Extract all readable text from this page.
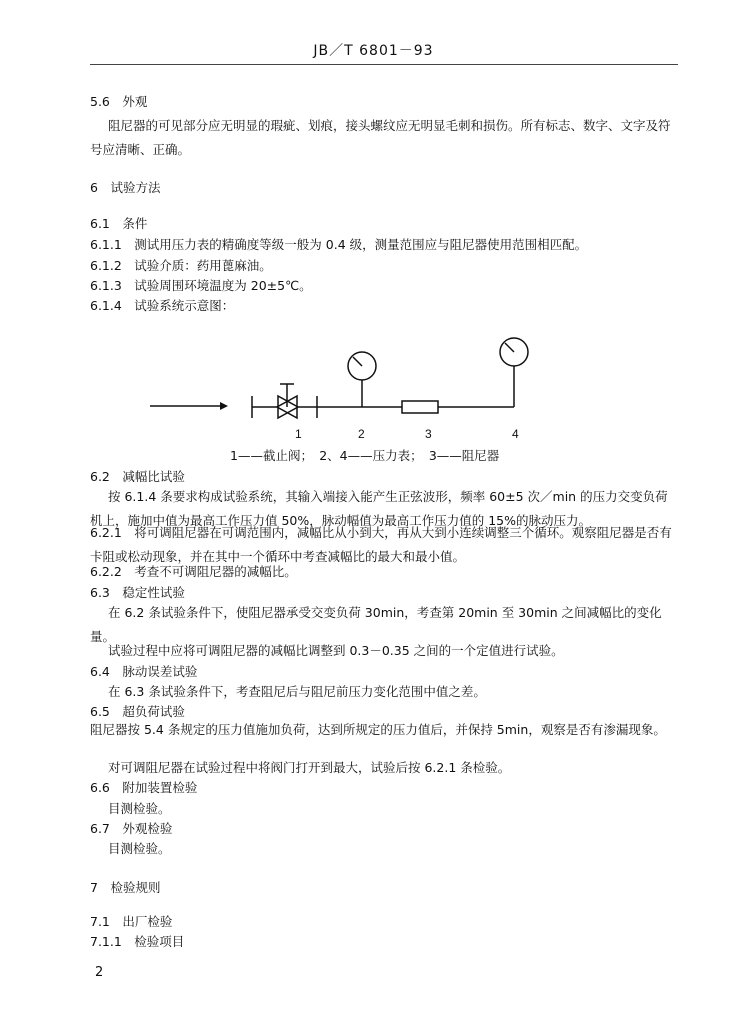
JB／T 6801－93
5.6　外观
阻尼器的可见部分应无明显的瑕疵、划痕，接头螺纹应无明显毛刺和损伤。所有标志、数字、文字及符号应清晰、正确。
6　试验方法
6.1　条件
6.1.1　测试用压力表的精确度等级一般为 0.4 级，测量范围应与阻尼器使用范围相匹配。
6.1.2　试验介质：药用蓖麻油。
6.1.3　试验周围环境温度为 20±5℃。
6.1.4　试验系统示意图：
1	2	3	4
1——截止阀；　2、4——压力表；　3——阻尼器
6.2　减幅比试验
按 6.1.4 条要求构成试验系统，其输入端接入能产生正弦波形，频率 60±5 次／min 的压力交变负荷机上，施加中值为最高工作压力值 50%，脉动幅值为最高工作压力值的 15%的脉动压力。
6.2.1　将可调阻尼器在可调范围内，减幅比从小到大，再从大到小连续调整三个循环。观察阻尼器是否有卡阻或松动现象，并在其中一个循环中考查减幅比的最大和最小值。
6.2.2　考查不可调阻尼器的减幅比。
6.3　稳定性试验
在 6.2 条试验条件下，使阻尼器承受交变负荷 30min，考查第 20min 至 30min 之间减幅比的变化量。
试验过程中应将可调阻尼器的减幅比调整到 0.3－0.35 之间的一个定值进行试验。
6.4　脉动误差试验
在 6.3 条试验条件下，考查阻尼后与阻尼前压力变化范围中值之差。
6.5　超负荷试验
阻尼器按 5.4 条规定的压力值施加负荷，达到所规定的压力值后，并保持 5min，观察是否有渗漏现象。
对可调阻尼器在试验过程中将阀门打开到最大，试验后按 6.2.1 条检验。
6.6　附加装置检验
目测检验。
6.7　外观检验
目测检验。
7　检验规则
7.1　出厂检验
7.1.1　检验项目
2
